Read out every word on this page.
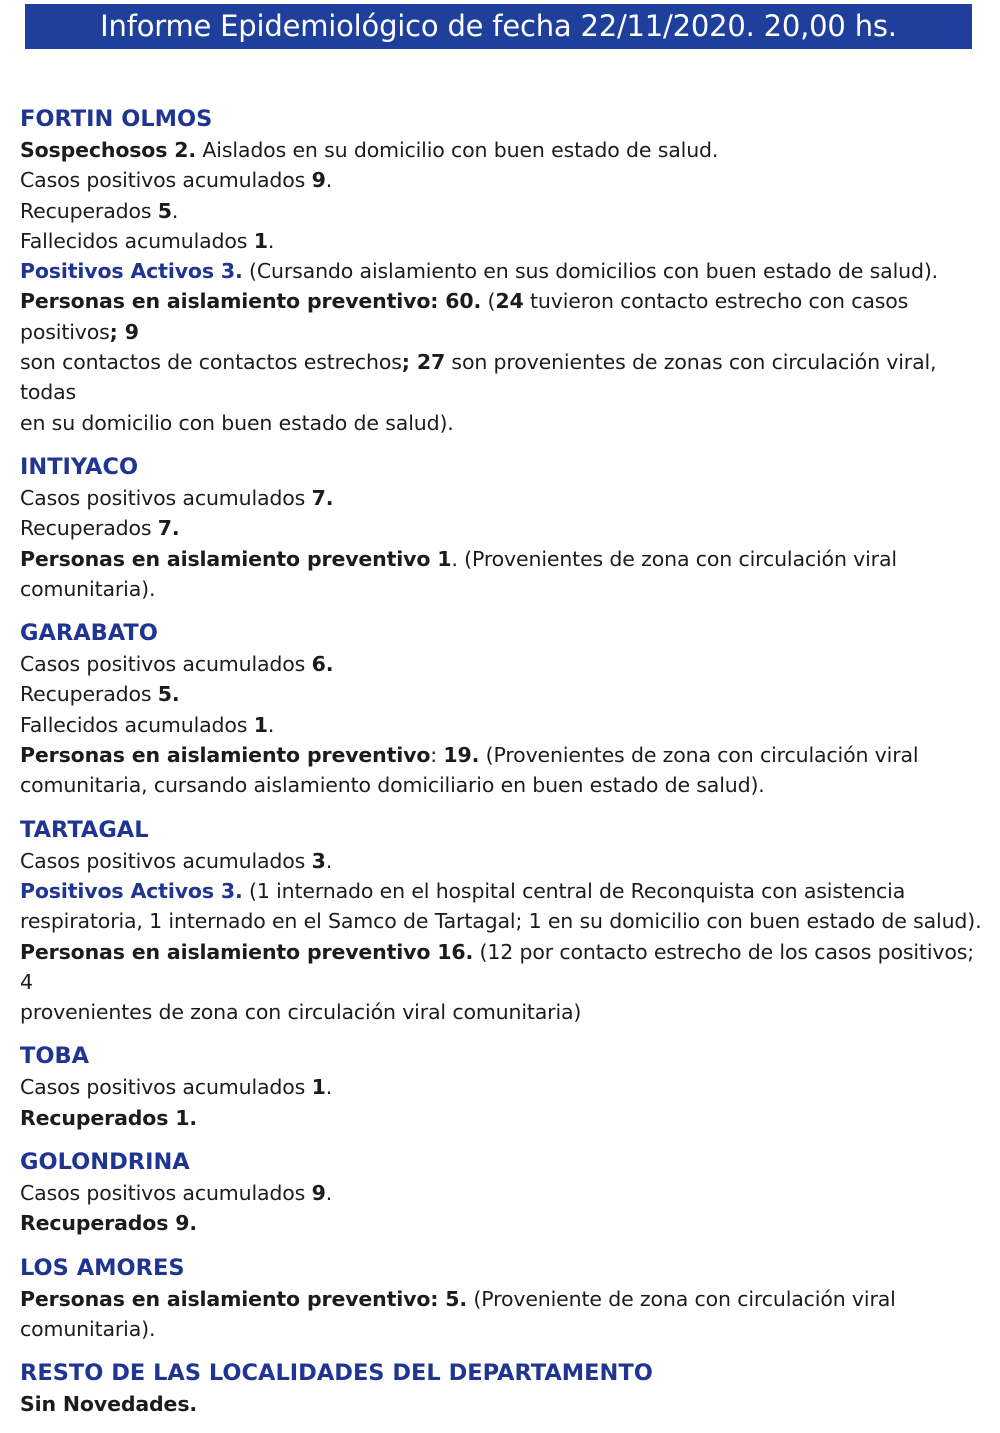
Informe Epidemiológico de fecha 22/11/2020. 20,00 hs.
FORTIN OLMOS
Sospechosos 2. Aislados en su domicilio con buen estado de salud.
Casos positivos acumulados 9.
Recuperados 5.
Fallecidos acumulados 1.
Positivos Activos 3. (Cursando aislamiento en sus domicilios con buen estado de salud).
Personas en aislamiento preventivo: 60. (24 tuvieron contacto estrecho con casos positivos; 9
son contactos de contactos estrechos; 27 son provenientes de zonas con circulación viral, todas
en su domicilio con buen estado de salud).
INTIYACO
Casos positivos acumulados 7.
Recuperados 7.
Personas en aislamiento preventivo 1. (Provenientes de zona con circulación viral
comunitaria).
GARABATO
Casos positivos acumulados 6.
Recuperados 5.
Fallecidos acumulados 1.
Personas en aislamiento preventivo: 19. (Provenientes de zona con circulación viral
comunitaria, cursando aislamiento domiciliario en buen estado de salud).
TARTAGAL
Casos positivos acumulados 3.
Positivos Activos 3. (1 internado en el hospital central de Reconquista con asistencia
respiratoria, 1 internado en el Samco de Tartagal; 1 en su domicilio con buen estado de salud).
Personas en aislamiento preventivo 16. (12 por contacto estrecho de los casos positivos; 4
provenientes de zona con circulación viral comunitaria)
TOBA
Casos positivos acumulados 1.
Recuperados 1.
GOLONDRINA
Casos positivos acumulados 9.
Recuperados 9.
LOS AMORES
Personas en aislamiento preventivo: 5. (Proveniente de zona con circulación viral comunitaria).
RESTO DE LAS LOCALIDADES DEL DEPARTAMENTO
Sin Novedades.
